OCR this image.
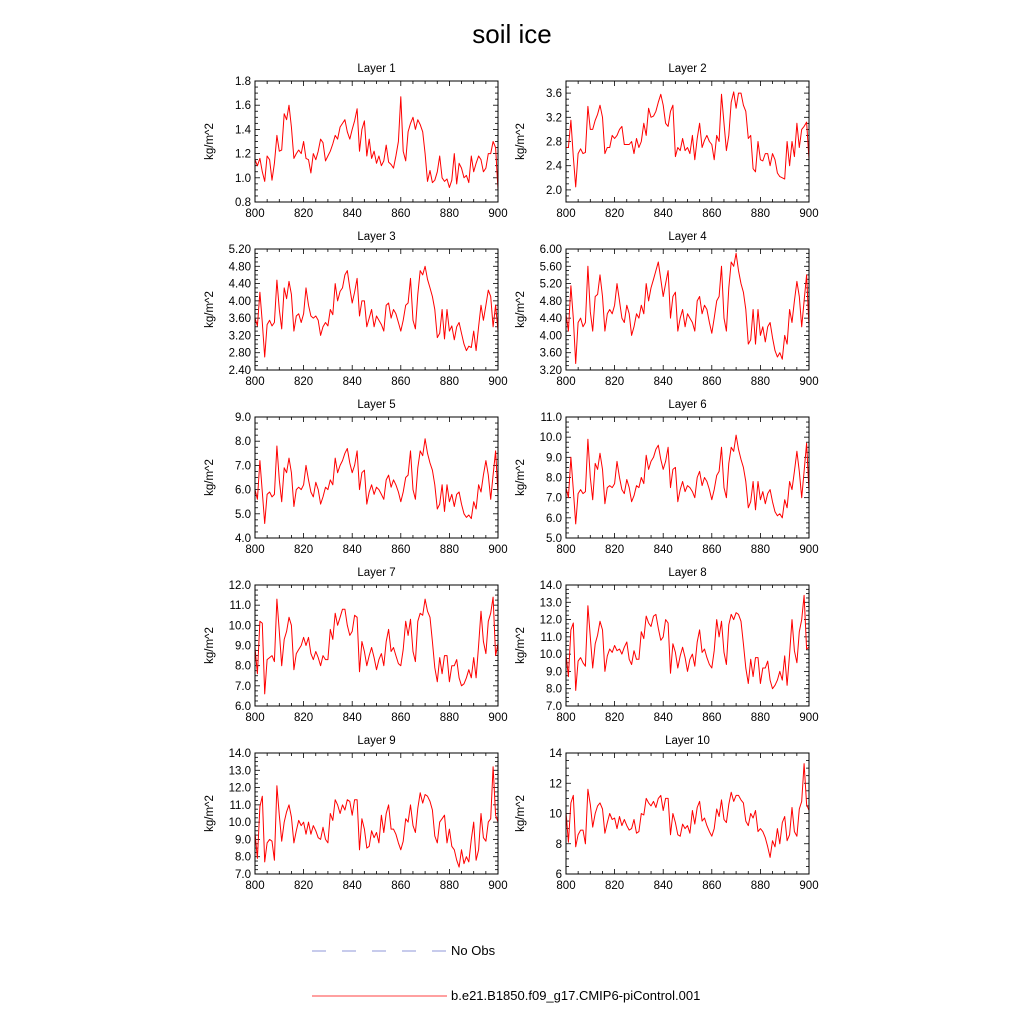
soil ice
Layer 1
kg/m^2
800	820	840	860	880	900
0.8
1.0
1.2
1.4
1.6
1.8
Layer 2
kg/m^2
800	820	840	860	880	900
2.0
2.4
2.8
3.2
3.6
Layer 3
kg/m^2
800	820	840	860	880	900
2.40
2.80
3.20
3.60
4.00
4.40
4.80
5.20
Layer 4
kg/m^2
800	820	840	860	880	900
3.20
3.60
4.00
4.40
4.80
5.20
5.60
6.00
Layer 5
kg/m^2
800	820	840	860	880	900
4.0
5.0
6.0
7.0
8.0
9.0
Layer 6
kg/m^2
800	820	840	860	880	900
5.0
6.0
7.0
8.0
9.0
10.0
11.0
Layer 7
kg/m^2
800	820	840	860	880	900
6.0
7.0
8.0
9.0
10.0
11.0
12.0
Layer 8
kg/m^2
800	820	840	860	880	900
7.0
8.0
9.0
10.0
11.0
12.0
13.0
14.0
Layer 9
kg/m^2
800	820	840	860	880	900
7.0
8.0
9.0
10.0
11.0
12.0
13.0
14.0
Layer 10
kg/m^2
800	820	840	860	880	900
6
8
10
12
14
No Obs
b.e21.B1850.f09_g17.CMIP6-piControl.001
